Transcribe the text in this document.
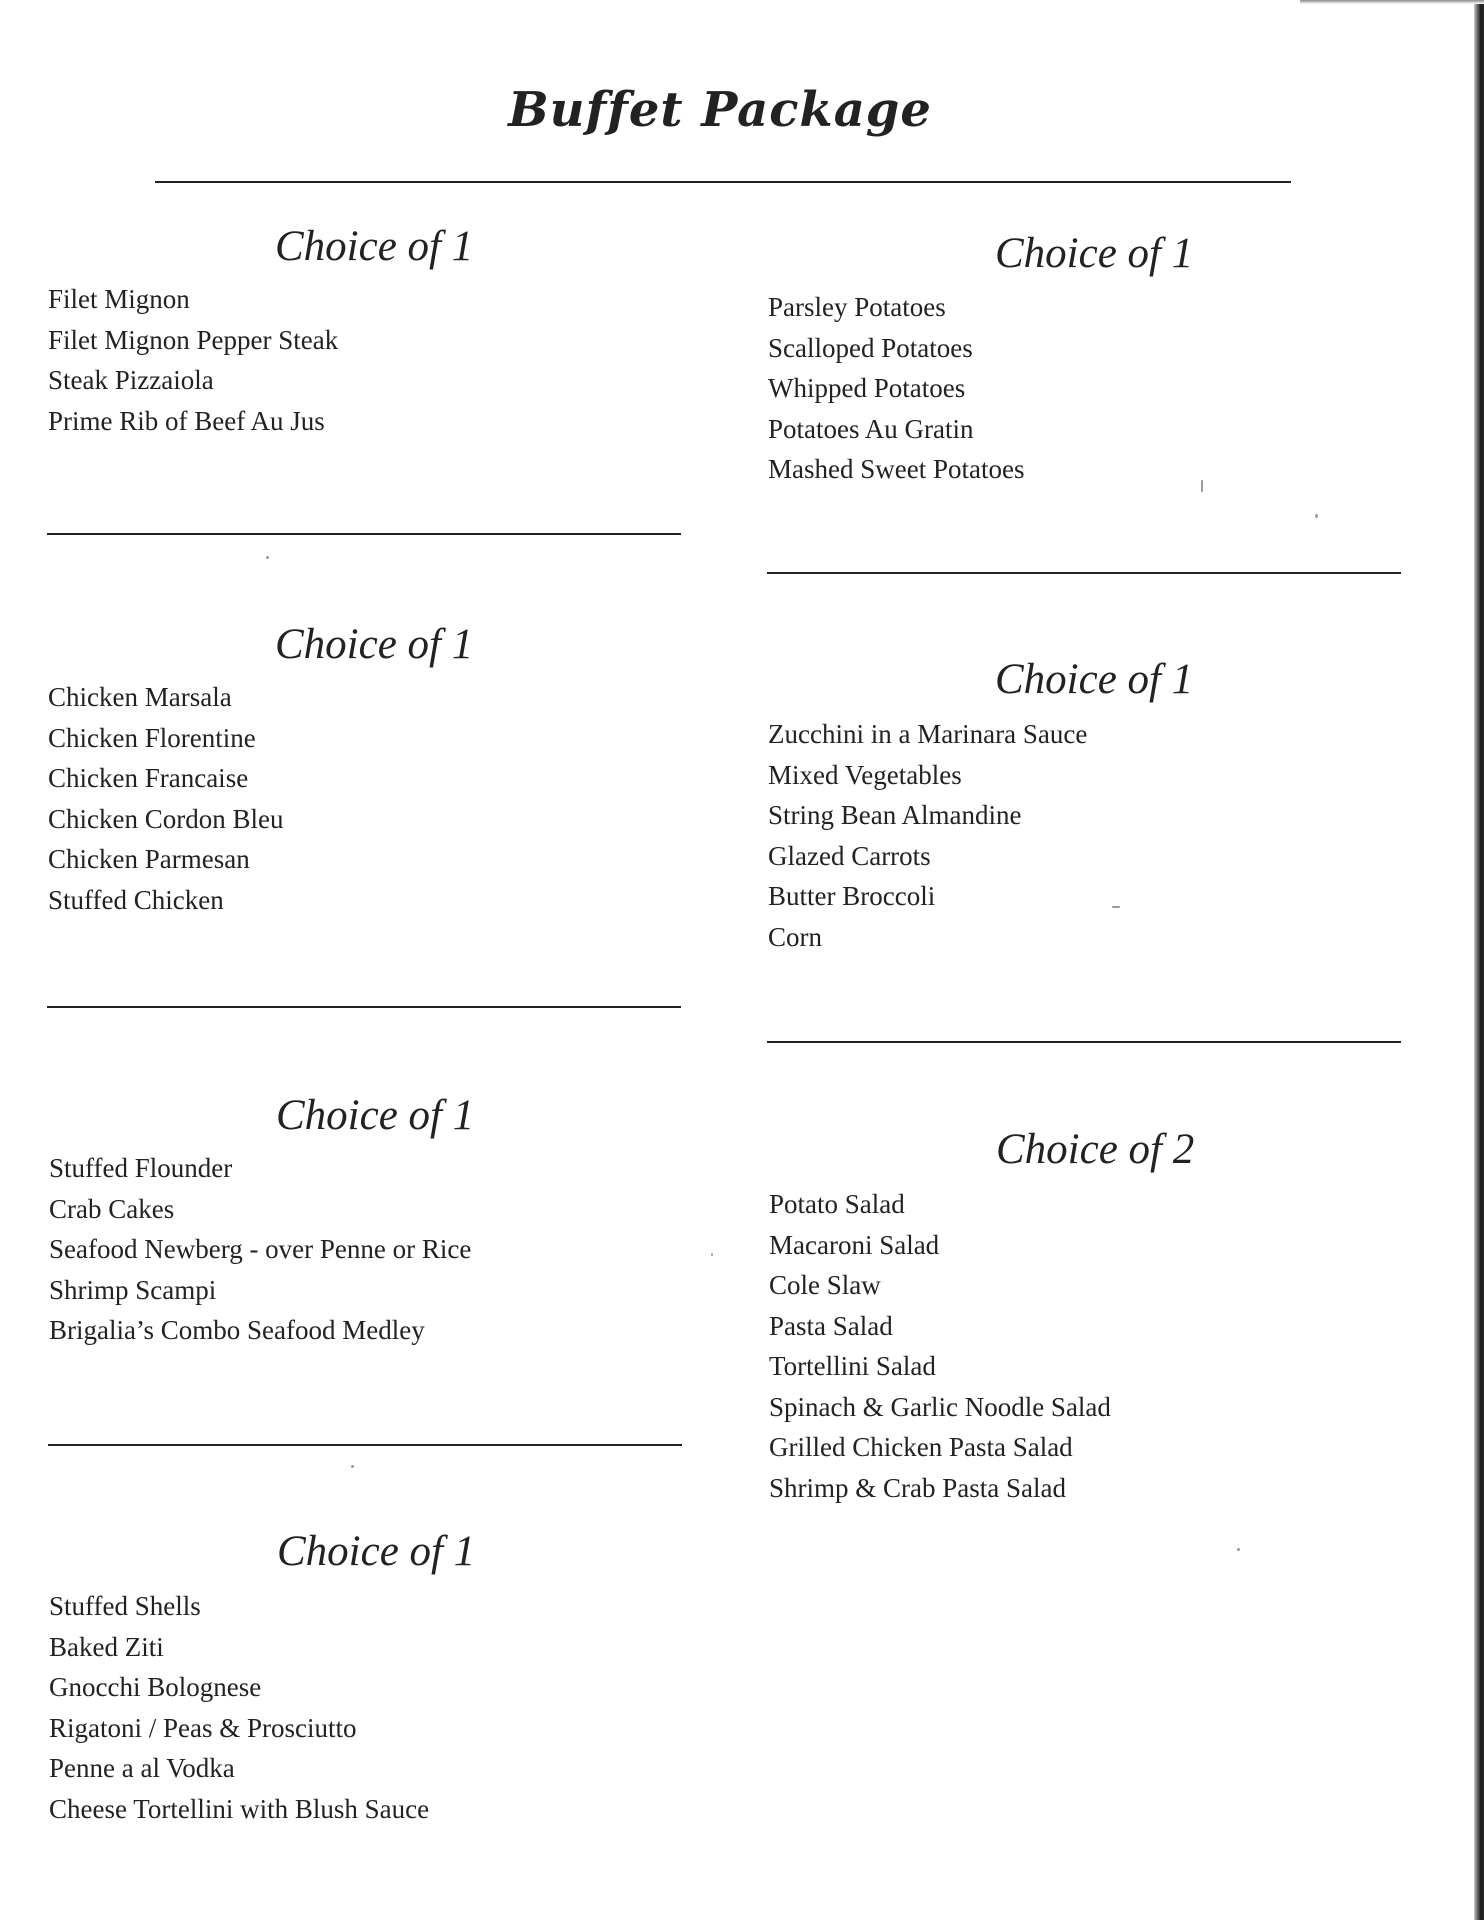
Buffet Package
Choice of 1
Filet Mignon
Filet Mignon Pepper Steak
Steak Pizzaiola
Prime Rib of Beef Au Jus
Choice of 1
Chicken Marsala
Chicken Florentine
Chicken Francaise
Chicken Cordon Bleu
Chicken Parmesan
Stuffed Chicken
Choice of 1
Stuffed Flounder
Crab Cakes
Seafood Newberg - over Penne or Rice
Shrimp Scampi
Brigalia’s Combo Seafood Medley
Choice of 1
Stuffed Shells
Baked Ziti
Gnocchi Bolognese
Rigatoni / Peas & Prosciutto
Penne a al Vodka
Cheese Tortellini with Blush Sauce
Choice of 1
Parsley Potatoes
Scalloped Potatoes
Whipped Potatoes
Potatoes Au Gratin
Mashed Sweet Potatoes
Choice of 1
Zucchini in a Marinara Sauce
Mixed Vegetables
String Bean Almandine
Glazed Carrots
Butter Broccoli
Corn
Choice of 2
Potato Salad
Macaroni Salad
Cole Slaw
Pasta Salad
Tortellini Salad
Spinach & Garlic Noodle Salad
Grilled Chicken Pasta Salad
Shrimp & Crab Pasta Salad
